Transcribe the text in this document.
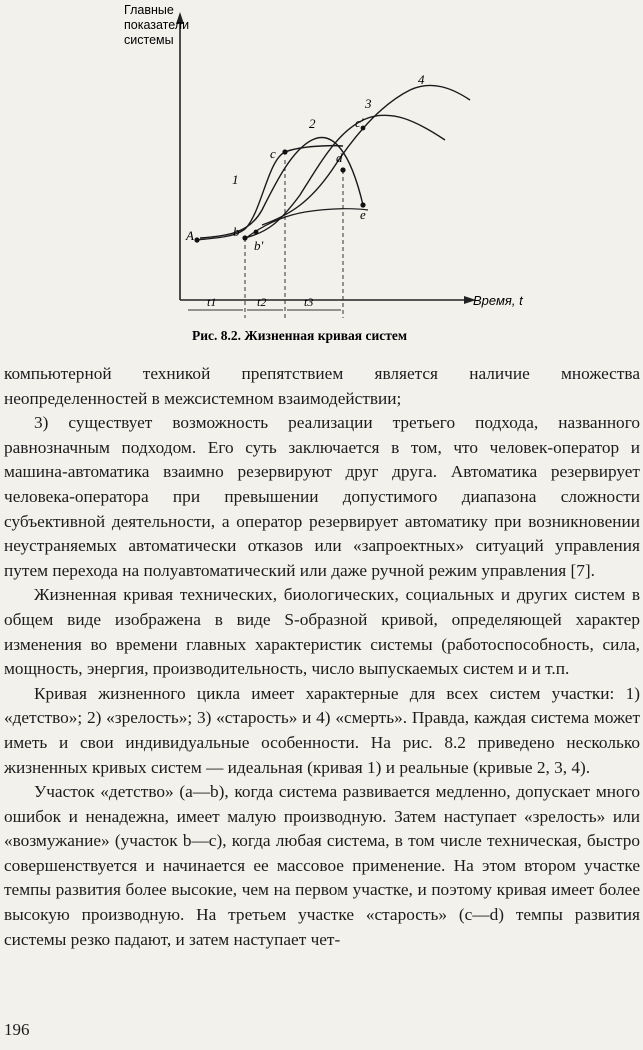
Главные
показатели
системы
Время, t
t1	t2	t3
A	b
b'
c
c'
d
e
1
2
3
4
Рис. 8.2. Жизненная кривая систем

компьютерной техникой препятствием является наличие множества неопределенностей в межсистемном взаимодействии;

3) существует возможность реализации третьего подхода, названного равнозначным подходом. Его суть заключается в том, что человек-оператор и машина-автоматика взаимно резервируют друг друга. Автоматика резервирует человека-оператора при превышении допустимого диапазона сложности субъективной деятельности, а оператор резервирует автоматику при возникновении неустраняемых автоматически отказов или «запроектных» ситуаций управления путем перехода на полуавтоматический или даже ручной режим управления [7].

Жизненная кривая технических, биологических, социальных и других систем в общем виде изображена в виде S-образной кривой, определяющей характер изменения во времени главных характеристик системы (работоспособность, сила, мощность, энергия, производительность, число выпускаемых систем и и т.п.

Кривая жизненного цикла имеет характерные для всех систем участки: 1) «детство»; 2) «зрелость»; 3) «старость» и 4) «смерть». Правда, каждая система может иметь и свои индивидуальные особенности. На рис. 8.2 приведено несколько жизненных кривых систем — идеальная (кривая 1) и реальные (кривые 2, 3, 4).

Участок «детство» (a—b), когда система развивается медленно, допускает много ошибок и ненадежна, имеет малую производную. Затем наступает «зрелость» или «возмужание» (участок b—c), когда любая система, в том числе техническая, быстро совершенствуется и начинается ее массовое применение. На этом втором участке темпы развития более высокие, чем на первом участке, и поэтому кривая имеет более высокую производную. На третьем участке «старость» (c—d) темпы развития системы резко падают, и затем наступает чет-

196
